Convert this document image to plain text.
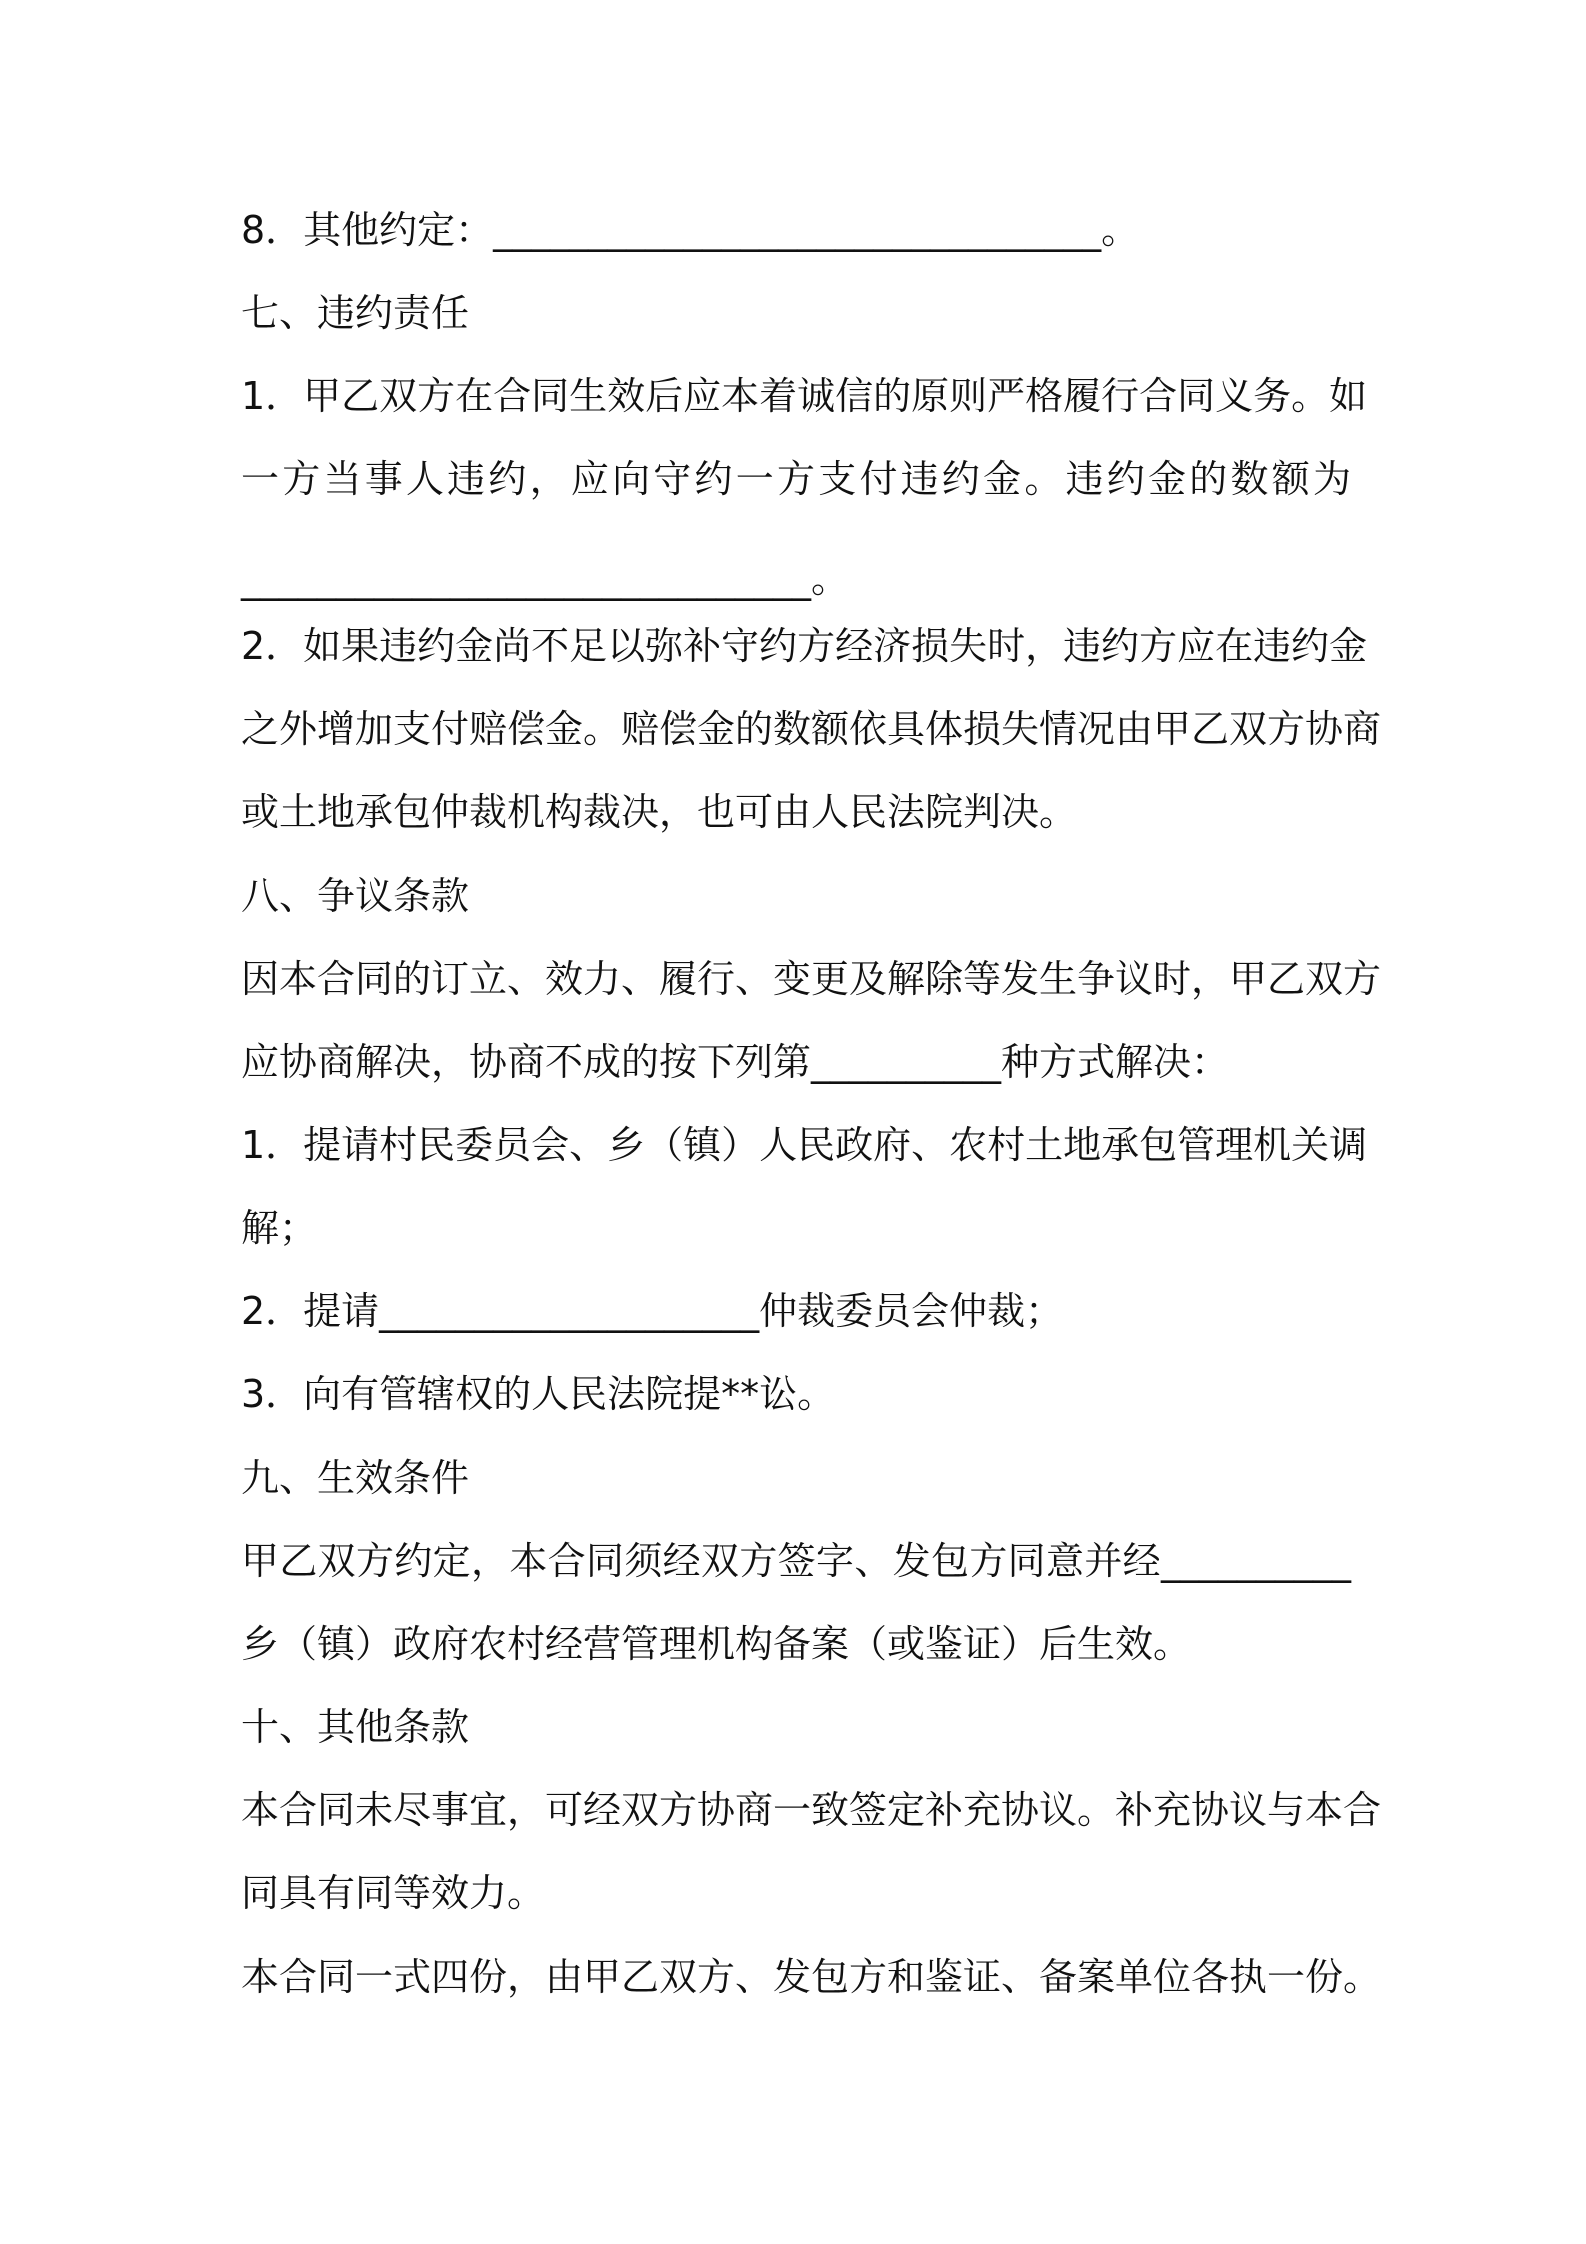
8．其他约定：________________________________。
七、违约责任
1．甲乙双方在合同生效后应本着诚信的原则严格履行合同义务。如
一方当事人违约，应向守约一方支付违约金。违约金的数额为
______________________________。
2．如果违约金尚不足以弥补守约方经济损失时，违约方应在违约金
之外增加支付赔偿金。赔偿金的数额依具体损失情况由甲乙双方协商
或土地承包仲裁机构裁决，也可由人民法院判决。
八、争议条款
因本合同的订立、效力、履行、变更及解除等发生争议时，甲乙双方
应协商解决，协商不成的按下列第__________种方式解决：
1．提请村民委员会、乡（镇）人民政府、农村土地承包管理机关调
解；
2．提请____________________仲裁委员会仲裁；
3．向有管辖权的人民法院提**讼。
九、生效条件
甲乙双方约定，本合同须经双方签字、发包方同意并经__________
乡（镇）政府农村经营管理机构备案（或鉴证）后生效。
十、其他条款
本合同未尽事宜，可经双方协商一致签定补充协议。补充协议与本合
同具有同等效力。
本合同一式四份，由甲乙双方、发包方和鉴证、备案单位各执一份。
